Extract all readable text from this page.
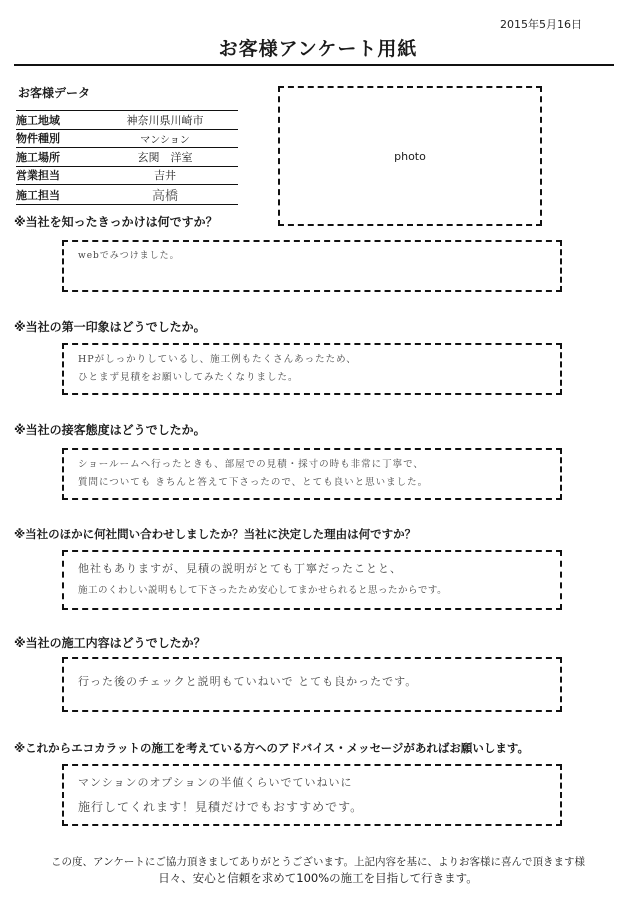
2015年5月16日
お客様アンケート用紙
お客様データ
施工地域	神奈川県川崎市
物件種別	マンション
施工場所	玄関　洋室
営業担当	吉井
施工担当	高橋
photo
※当社を知ったきっかけは何ですか？
webでみつけました。
※当社の第一印象はどうでしたか。
HPがしっかりしているし、施工例もたくさんあったため、
ひとまず見積をお願いしてみたくなりました。
※当社の接客態度はどうでしたか。
ショールームへ行ったときも、部屋での見積・採寸の時も非常に丁寧で、
質問についても きちんと答えて下さったので、とても良いと思いました。
※当社のほかに何社問い合わせしましたか？当社に決定した理由は何ですか？
他社もありますが、見積の説明がとても丁寧だったことと、
施工のくわしい説明もして下さったため安心してまかせられると思ったからです。
※当社の施工内容はどうでしたか？
行った後のチェックと説明もていねいで とても良かったです。
※これからエコカラットの施工を考えている方へのアドバイス・メッセージがあればお願いします。
マンションのオプションの半値くらいでていねいに
施行してくれます！見積だけでもおすすめです。
この度、アンケートにご協力頂きましてありがとうございます。上記内容を基に、よりお客様に喜んで頂きます様
日々、安心と信頼を求めて100%の施工を目指して行きます。
